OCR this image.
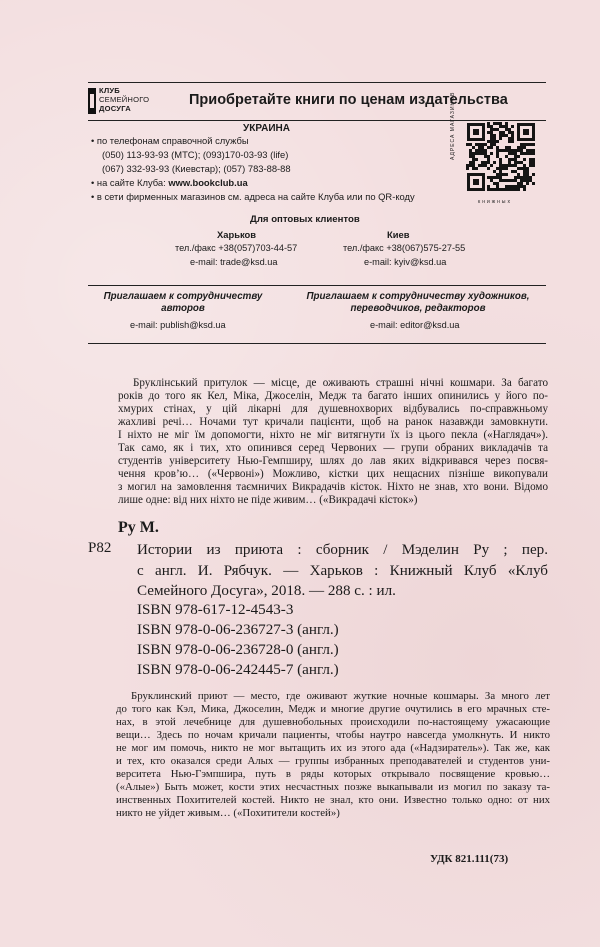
КЛУБ
СЕМЕЙНОГО
ДОСУГА
Приобретайте книги по ценам издательства
УКРАИНА
• по телефонам справочной службы
(050) 113-93-93 (МТС); (093)170-03-93 (life)
(067) 332-93-93 (Киевстар); (057) 783-88-88
• на сайте Клуба: www.bookclub.ua
• в сети фирменных магазинов см. адреса на сайте Клуба или по QR-коду
АДРЕСА МАГАЗИНОВ
книжных
Для оптовых клиентов
Харьков
тел./факс +38(057)703-44-57
e-mail: trade@ksd.ua
Киев
тел./факс +38(067)575-27-55
e-mail: kyiv@ksd.ua
Приглашаем к сотрудничеству
авторов
e-mail: publish@ksd.ua
Приглашаем к сотрудничеству художников,
переводчиков, редакторов
e-mail: editor@ksd.ua
Бруклінський притулок — місце, де оживають страшні нічні кошмари. За багато
років до того як Кел, Міка, Джоселін, Медж та багато інших опинились у його по-
хмурих стінах, у цій лікарні для душевнохворих відбувались по-справжньому
жахливі речі… Ночами тут кричали пацієнти, щоб на ранок назавжди замовкнути.
І ніхто не міг їм допомогти, ніхто не міг витягнути їх із цього пекла («Наглядач»).
Так само, як і тих, хто опинився серед Червоних — групи обраних викладачів та
студентів університету Нью-Гемпширу, шлях до лав яких відкривався через посвя-
чення кров’ю… («Червоні») Можливо, кістки цих нещасних пізніше викопували
з могил на замовлення таємничих Викрадачів кісток. Ніхто не знав, хто вони. Відомо
лише одне: від них ніхто не піде живим… («Викрадачі кісток»)
Ру М.
Р82 Истории из приюта : сборник / Мэделин Ру ; пер.
с англ. И. Рябчук. — Харьков : Книжный Клуб «Клуб
Семейного Досуга», 2018. — 288 с. : ил.
ISBN 978-617-12-4543-3
ISBN 978-0-06-236727-3 (англ.)
ISBN 978-0-06-236728-0 (англ.)
ISBN 978-0-06-242445-7 (англ.)
Бруклинский приют — место, где оживают жуткие ночные кошмары. За много лет
до того как Кэл, Мика, Джоселин, Медж и многие другие очутились в его мрачных сте-
нах, в этой лечебнице для душевнобольных происходили по-настоящему ужасающие
вещи… Здесь по ночам кричали пациенты, чтобы наутро навсегда умолкнуть. И никто
не мог им помочь, никто не мог вытащить их из этого ада («Надзиратель»). Так же, как
и тех, кто оказался среди Алых — группы избранных преподавателей и студентов уни-
верситета Нью-Гэмпшира, путь в ряды которых открывало посвящение кровью…
(«Алые») Быть может, кости этих несчастных позже выкапывали из могил по заказу та-
инственных Похитителей костей. Никто не знал, кто они. Известно только одно: от них
никто не уйдет живым… («Похитители костей»)
УДК 821.111(73)
